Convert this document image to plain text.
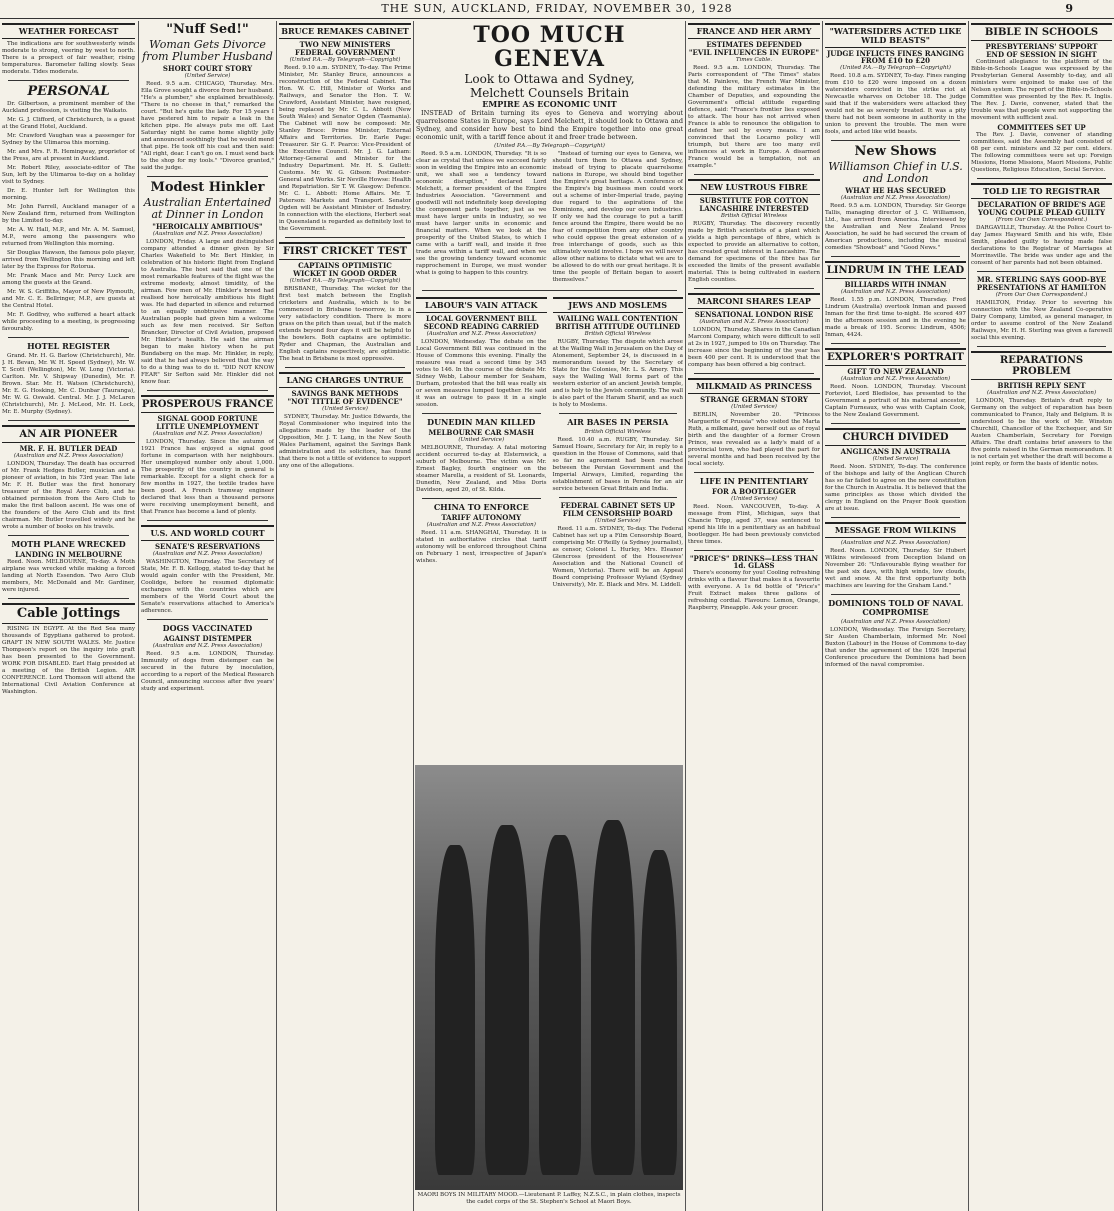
THE SUN, AUCKLAND, FRIDAY, NOVEMBER 30, 1928	9
WEATHER FORECAST

The indications are for southwesterly winds moderate to strong, veering by west to north. There is a prospect of fair weather, rising temperatures. Barometer falling slowly. Seas moderate. Tides moderate.

PERSONAL

Dr. Gilbertson, a prominent member of the Auckland profession, is visiting the Waikato.

Mr. G. J. Clifford, of Christchurch, is a guest at the Grand Hotel, Auckland.

Mr. Crawford Vaughan was a passenger for Sydney by the Ulimaroa this morning.

Mr. and Mrs. F. R. Hemingway, proprietor of the Press, are at present in Auckland.

Mr. Robert Riley, associate-editor of The Sun, left by the Ulimaroa to-day on a holiday visit to Sydney.

Dr. E. Hunter left for Wellington this morning.

Mr. John Farrell, Auckland manager of a New Zealand firm, returned from Wellington by the Limited to-day.

Mr. A. W. Hall, M.P., and Mr. A. M. Samuel, M.P., were among the passengers who returned from Wellington this morning.

Sir Douglas Hawson, the famous polo player, arrived from Wellington this morning and left later by the Express for Rotorua.

Mr. Frank Mace and Mr. Percy Luck are among the guests at the Grand.

Mr. W. S. Griffiths, Mayor of New Plymouth, and Mr. C. E. Bellringer, M.P., are guests at the Central Hotel.

Mr. F. Godfrey, who suffered a heart attack while proceeding to a meeting, is progressing favourably.

HOTEL REGISTER

Grand. Mr. H. G. Barlow (Christchurch), Mr. J. H. Bevan, Mr. W. H. Speed (Sydney), Mr. W. T. Scott (Wellington), Mr. W. Long (Victoria). Carlton. Mr. V. Shipway (Dunedin), Mr. F. Brown. Star. Mr. H. Watson (Christchurch), Mr. E. G. Hosking, Mr. C. Dunbar (Tauranga), Mr. W. G. Oswald. Central. Mr. J. J. McLaren (Christchurch), Mr. J. McLeod, Mr. H. Lock, Mr. E. Murphy (Sydney).

AN AIR PIONEER
MR. F. H. BUTLER DEAD
(Australian and N.Z. Press Association)

LONDON, Thursday. The death has occurred of Mr. Frank Hedges Butler, musician and a pioneer of aviation, in his 73rd year. The late Mr. F. H. Butler was the first honorary treasurer of the Royal Aero Club, and he obtained permission from the Aero Club to make the first balloon ascent. He was one of the founders of the Aero Club and its first chairman. Mr. Butler travelled widely and he wrote a number of books on his travels.

MOTH PLANE WRECKED
LANDING IN MELBOURNE

Reed. Noon. MELBOURNE, To-day. A Moth airplane was wrecked while making a forced landing at North Essendon. Two Aero Club members, Mr. McDonald and Mr. Gardiner, were injured.

Cable Jottings

RISING IN EGYPT. At the Red Sea many thousands of Egyptians gathered to protest. GRAFT IN NEW SOUTH WALES. Mr. Justice Thompson's report on the inquiry into graft has been presented to the Government. WORK FOR DISABLED. Earl Haig presided at a meeting of the British Legion. AIR CONFERENCE. Lord Thomson will attend the International Civil Aviation Conference at Washington.

"Nuff Sed!"
Woman Gets Divorce from Plumber Husband
SHORT COURT STORY
(United Service)

Reed. 9.5 a.m. CHICAGO, Thursday. Mrs. Ella Grove sought a divorce from her husband. "He's a plumber," she explained breathlessly. "There is no cheese in that," remarked the court. "But he's quite the lady. For 15 years I have pestered him to repair a leak in the kitchen pipe. He always puts me off. Last Saturday night he came home slightly jolly and announced soothingly that he would mend that pipe. He took off his coat and then said: "All right, dear. I can't go on. I must send back to the shop for my tools." "Divorce granted," said the judge.

Modest Hinkler
Australian Entertained at Dinner in London
"HEROICALLY AMBITIOUS"
(Australian and N.Z. Press Association)

LONDON, Friday. A large and distinguished company attended a dinner given by Sir Charles Wakefield to Mr. Bert Hinkler, in celebration of his historic flight from England to Australia. The host said that one of the most remarkable features of the flight was the extreme modesty, almost timidity, of the airman. Few men of Mr. Hinkler's breed had realised how heroically ambitious his flight was. He had departed in silence and returned to an equally unobtrusive manner. The Australian people had given him a welcome such as few men received. Sir Sefton Brancker, Director of Civil Aviation, proposed Mr. Hinkler's health. He said the airman began to make history when he put Bundaberg on the map. Mr. Hinkler, in reply, said that he had always believed that the way to do a thing was to do it. "DID NOT KNOW FEAR" Sir Sefton said Mr. Hinkler did not know fear.

PROSPEROUS FRANCE
SIGNAL GOOD FORTUNE
LITTLE UNEMPLOYMENT
(Australian and N.Z. Press Association)

LONDON, Thursday. Since the autumn of 1921 France has enjoyed a signal good fortune in comparison with her neighbours. Her unemployed number only about 1,000. The prosperity of the country in general is remarkable. Except for a slight check for a few months in 1927, the textile trades have been good. A French tramway engineer declared that less than a thousand persons were receiving unemployment benefit, and that France has become a land of plenty.

U.S. AND WORLD COURT
SENATE'S RESERVATIONS
(Australian and N.Z. Press Association)

WASHINGTON, Thursday. The Secretary of State, Mr. F. B. Kellogg, stated to-day that he would again confer with the President, Mr. Coolidge, before he resumed diplomatic exchanges with the countries which are members of the World Court about the Senate's reservations attached to America's adherence.

DOGS VACCINATED
AGAINST DISTEMPER
(Australian and N.Z. Press Association)

Reed. 9.5 a.m. LONDON, Thursday. Immunity of dogs from distemper can be secured in the future by inoculation, according to a report of the Medical Research Council, announcing success after five years' study and experiment.

BRUCE REMAKES CABINET
TWO NEW MINISTERS
FEDERAL GOVERNMENT
(United P.A.—By Telegraph—Copyright)

Reed. 9.10 a.m. SYDNEY, To-day. The Prime Minister, Mr. Stanley Bruce, announces a reconstruction of the Federal Cabinet. The Hon. W. C. Hill, Minister of Works and Railways, and Senator the Hon. T. W. Crawford, Assistant Minister, have resigned, being replaced by Mr. C. L. Abbott (New South Wales) and Senator Ogden (Tasmania). The Cabinet will now be composed: Mr. Stanley Bruce: Prime Minister, External Affairs and Territories. Dr. Earle Page: Treasurer. Sir G. F. Pearce: Vice-President of the Executive Council. Mr. J. G. Latham: Attorney-General and Minister for the Industry Department. Mr. H. S. Gullett: Customs. Mr. W. G. Gibson: Postmaster-General and Works. Sir Neville Howse: Health and Repatriation. Sir T. W. Glasgow: Defence. Mr. C. L. Abbott: Home Affairs. Mr. T. Paterson: Markets and Transport. Senator Ogden will be Assistant Minister of Industry. In connection with the elections, Herbert seat in Queensland is regarded as definitely lost to the Government.

FIRST CRICKET TEST
CAPTAINS OPTIMISTIC
WICKET IN GOOD ORDER
(United P.A.—By Telegraph—Copyright)

BRISBANE, Thursday. The wicket for the first test match between the English cricketers and Australia, which is to be commenced in Brisbane to-morrow, is in a very satisfactory condition. There is more grass on the pitch than usual, but if the match extends beyond four days it will be helpful to the bowlers. Both captains are optimistic. Ryder and Chapman, the Australian and English captains respectively, are optimistic. The heat in Brisbane is most oppressive.

LANG CHARGES UNTRUE
SAVINGS BANK METHODS
"NOT TITTLE OF EVIDENCE"
(United Service)

SYDNEY, Thursday. Mr. Justice Edwards, the Royal Commissioner who inquired into the allegations made by the leader of the Opposition, Mr. J. T. Lang, in the New South Wales Parliament, against the Savings Bank administration and its solicitors, has found that there is not a tittle of evidence to support any one of the allegations.

TOO MUCH GENEVA
Look to Ottawa and Sydney,
Melchett Counsels Britain
EMPIRE AS ECONOMIC UNIT

INSTEAD of Britain turning its eyes to Geneva and worrying about quarrelsome States in Europe, says Lord Melchett, it should look to Ottawa and Sydney, and consider how best to bind the Empire together into one great economic unit, with a tariff fence about it and freer trade between.

(United P.A.—By Telegraph—Copyright)

Reed. 9.5 a.m. LONDON, Thursday. "It is so clear as crystal that unless we succeed fairly soon in welding the Empire into an economic unit, we shall see a tendency toward economic disruption," declared Lord Melchett, a former president of the Empire Industries Association. "Government and goodwill will not indefinitely keep developing the component parts together, just as we must have larger units in industry, so we must have larger units in economic and financial matters. When we look at the prosperity of the United States, to which I came with a tariff wall, and inside it free trade area within a tariff wall, and when we see the growing tendency toward economic rapprochement in Europe, we must wonder what is going to happen to this country.

"Instead of turning our eyes to Geneva, we should turn them to Ottawa and Sydney, instead of trying to placate quarrelsome nations in Europe, we should bind together the Empire's great heritage. A conference of the Empire's big business men could work out a scheme of inter-Imperial trade, paying due regard to the aspirations of the Dominions, and develop our own industries. If only we had the courage to put a tariff fence around the Empire, there would be no fear of competition from any other country who could oppose the great extension of a free interchange of goods, such as this ultimately would involve. I hope we will never allow other nations to dictate what we are to be allowed to do with our great heritage. It is time the people of Britain began to assert themselves."

LABOUR'S VAIN ATTACK
LOCAL GOVERNMENT BILL
SECOND READING CARRIED
(Australian and N.Z. Press Association)

LONDON, Wednesday. The debate on the Local Government Bill was continued in the House of Commons this evening. Finally the measure was read a second time by 345 votes to 146. In the course of the debate Mr. Sidney Webb, Labour member for Seaham, Durham, protested that the bill was really six or seven measures lumped together. He said it was an outrage to pass it in a single session.

DUNEDIN MAN KILLED
MELBOURNE CAR SMASH
(United Service)

MELBOURNE, Thursday. A fatal motoring accident occurred to-day at Elsternwick, a suburb of Melbourne. The victim was Mr. Ernest Bagley, fourth engineer on the steamer Marella, a resident of St. Leonards, Dunedin, New Zealand, and Miss Doris Davidson, aged 20, of St. Kilda.

CHINA TO ENFORCE
TARIFF AUTONOMY
(Australian and N.Z. Press Association)

Reed. 11 a.m. SHANGHAI, Thursday. It is stated in authoritative circles that tariff autonomy will be enforced throughout China on February 1 next, irrespective of Japan's wishes.

JEWS AND MOSLEMS
WAILING WALL CONTENTION
BRITISH ATTITUDE OUTLINED
British Official Wireless

RUGBY, Thursday. The dispute which arose at the Wailing Wall in Jerusalem on the Day of Atonement, September 24, is discussed in a memorandum issued by the Secretary of State for the Colonies, Mr. L. S. Amery. This says the Wailing Wall forms part of the western exterior of an ancient Jewish temple, and is holy to the Jewish community. The wall is also part of the Haram Sharif, and as such is holy to Moslems.

AIR BASES IN PERSIA
British Official Wireless

Reed. 10.40 a.m. RUGBY, Thursday. Sir Samuel Hoare, Secretary for Air, in reply to a question in the House of Commons, said that so far no agreement had been reached between the Persian Government and the Imperial Airways, Limited, regarding the establishment of bases in Persia for an air service between Great Britain and India.

FEDERAL CABINET SETS UP
FILM CENSORSHIP BOARD
(United Service)

Reed. 11 a.m. SYDNEY, To-day. The Federal Cabinet has set up a Film Censorship Board, comprising Mr. O'Reilly (a Sydney journalist), as censor, Colonel L. Hurley, Mrs. Eleanor Glencross (president of the Housewives' Association and the National Council of Women, Victoria). There will be an Appeal Board comprising Professor Wyland (Sydney University), Mr. E. Black and Mrs. M. Liddell.

MAORI BOYS IN MILITARY MOOD.—Lieutenant P. Laffey, N.Z.S.C., in plain clothes, inspects the cadet corps of the St. Stephen's School at Maori Boys.
FRANCE AND HER ARMY
ESTIMATES DEFENDED
"EVIL INFLUENCES IN EUROPE"
Times Cable.

Reed. 9.5 a.m. LONDON, Thursday. The Paris correspondent of "The Times" states that M. Painleve, the French War Minister, defending the military estimates in the Chamber of Deputies, and expounding the Government's official attitude regarding defence, said: "France's frontier lies exposed to attack. The hour has not arrived when France is able to renounce the obligation to defend her soil by every means. I am convinced that the Locarno policy will triumph, but there are too many evil influences at work in Europe. A disarmed France would be a temptation, not an example."

NEW LUSTROUS FIBRE
SUBSTITUTE FOR COTTON
LANCASHIRE INTERESTED
British Official Wireless

RUGBY, Thursday. The discovery recently made by British scientists of a plant which yields a high percentage of fibre, which is expected to provide an alternative to cotton, has created great interest in Lancashire. The demand for specimens of the fibre has far exceeded the limits of the present available material. This is being cultivated in eastern English counties.

MARCONI SHARES LEAP
SENSATIONAL LONDON RISE
(Australian and N.Z. Press Association)

LONDON, Thursday. Shares in the Canadian Marconi Company, which were difficult to sell at 2s in 1927, jumped to 10s on Thursday. The increase since the beginning of the year has been 400 per cent. It is understood that the company has been offered a big contract.

MILKMAID AS PRINCESS
STRANGE GERMAN STORY
(United Service)

BERLIN, November 20. "Princess Marguerite of Prussia" who visited the Marta Ruth, a milkmaid, gave herself out as of royal birth and the daughter of a former Crown Prince, was revealed as a lady's maid of a provincial town, who had played the part for several months and had been received by the local society.

LIFE IN PENITENTIARY
FOR A BOOTLEGGER
(United Service)

Reed. Noon. VANCOUVER, To-day. A message from Flint, Michigan, says that Chancie Tripp, aged 37, was sentenced to spend his life in a penitentiary as an habitual bootlegger. He had been previously convicted three times.

"PRICE'S" DRINKS—LESS THAN 1d. GLASS

There's economy for you! Cooling refreshing drinks with a flavour that makes it a favourite with everyone. A 1s 6d bottle of "Price's" Fruit Extract makes three gallons of refreshing cordial. Flavours: Lemon, Orange, Raspberry, Pineapple. Ask your grocer.

"WATERSIDERS ACTED LIKE WILD BEASTS"
JUDGE INFLICTS FINES RANGING FROM £10 to £20
(United P.A.—By Telegraph—Copyright)

Reed. 10.8 a.m. SYDNEY, To-day. Fines ranging from £10 to £20 were imposed on a dozen watersiders convicted in the strike riot at Newcastle wharves on October 18. The judge said that if the watersiders were attacked they would not be as severely treated. It was a pity there had not been someone in authority in the union to prevent the trouble. The men were fools, and acted like wild beasts.

New Shows
Williamson Chief in U.S. and London
WHAT HE HAS SECURED
(Australian and N.Z. Press Association)

Reed. 9.5 a.m. LONDON, Thursday. Sir George Tallis, managing director of J. C. Williamson, Ltd., has arrived from America. Interviewed by the Australian and New Zealand Press Association, he said he had secured the cream of American productions, including the musical comedies "Showboat" and "Good News."

LINDRUM IN THE LEAD
BILLIARDS WITH INMAN
(Australian and N.Z. Press Association)

Reed. 1.55 p.m. LONDON, Thursday. Fred Lindrum (Australia) overtook Inman and passed Inman for the first time to-night. He scored 497 in the afternoon session and in the evening he made a break of 195. Scores: Lindrum, 4506; Inman, 4424.

EXPLORER'S PORTRAIT
GIFT TO NEW ZEALAND
(Australian and N.Z. Press Association)

Reed. Noon. LONDON, Thursday. Viscount Forteviot, Lord Bledisloe, has presented to the Government a portrait of his maternal ancestor, Captain Furneaux, who was with Captain Cook, to the New Zealand Government.

CHURCH DIVIDED
ANGLICANS IN AUSTRALIA
(United Service)

Reed. Noon. SYDNEY, To-day. The conference of the bishops and laity of the Anglican Church has so far failed to agree on the new constitution for the Church in Australia. It is believed that the same principles as those which divided the clergy in England on the Prayer Book question are at issue.

MESSAGE FROM WILKINS
(Australian and N.Z. Press Association)

Reed. Noon. LONDON, Thursday. Sir Hubert Wilkins wirelessed from Deception Island on November 26: "Unfavourable flying weather for the past six days, with high winds, low clouds, wet and snow. At the first opportunity both machines are leaving for the Graham Land."

DOMINIONS TOLD OF NAVAL COMPROMISE
(Australian and N.Z. Press Association)

LONDON, Wednesday. The Foreign Secretary, Sir Austen Chamberlain, informed Mr. Noel Buxton (Labour) in the House of Commons to-day that under the agreement of the 1926 Imperial Conference procedure the Dominions had been informed of the naval compromise.

BIBLE IN SCHOOLS
PRESBYTERIANS' SUPPORT
END OF SESSION IN SIGHT

Continued allegiance to the platform of the Bible-in-Schools League was expressed by the Presbyterian General Assembly to-day, and all ministers were enjoined to make use of the Nelson system. The report of the Bible-in-Schools Committee was presented by the Rev. R. Inglis. The Rev. J. Davie, convener, stated that the trouble was that people were not supporting the movement with sufficient zeal.

COMMITTEES SET UP

The Rev. J. Davie, convener of standing committees, said the Assembly had consisted of 68 per cent. ministers and 32 per cent. elders. The following committees were set up: Foreign Missions, Home Missions, Maori Missions, Public Questions, Religious Education, Social Service.

TOLD LIE TO REGISTRAR
DECLARATION OF BRIDE'S AGE
YOUNG COUPLE PLEAD GUILTY
(From Our Own Correspondent.)

DARGAVILLE, Thursday. At the Police Court to-day James Hayward Smith and his wife, Elsie Smith, pleaded guilty to having made false declarations to the Registrar of Marriages at Morrinsville. The bride was under age and the consent of her parents had not been obtained.

MR. STERLING SAYS GOOD-BYE
PRESENTATIONS AT HAMILTON
(From Our Own Correspondent.)

HAMILTON, Friday. Prior to severing his connection with the New Zealand Co-operative Dairy Company, Limited, as general manager, in order to assume control of the New Zealand Railways, Mr. H. H. Sterling was given a farewell social this evening.

REPARATIONS PROBLEM
BRITISH REPLY SENT
(Australian and N.Z. Press Association)

LONDON, Thursday. Britain's draft reply to Germany on the subject of reparation has been communicated to France, Italy and Belgium. It is understood to be the work of Mr. Winston Churchill, Chancellor of the Exchequer, and Sir Austen Chamberlain, Secretary for Foreign Affairs. The draft contains brief answers to the five points raised in the German memorandum. It is not certain yet whether the draft will become a joint reply, or form the basis of identic notes.
